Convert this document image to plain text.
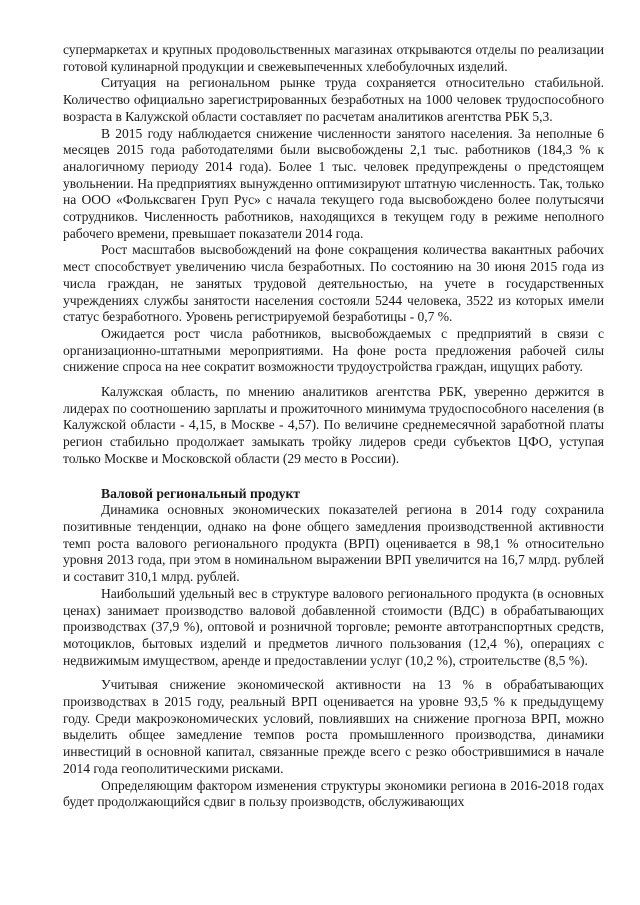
супермаркетах и крупных продовольственных магазинах открываются отделы по реализации готовой кулинарной продукции и свежевыпеченных хлебобулочных изделий.

Ситуация на региональном рынке труда сохраняется относительно стабильной. Количество официально зарегистрированных безработных на 1000 человек трудоспособного возраста в Калужской области составляет по расчетам аналитиков агентства РБК 5,3.

В 2015 году наблюдается снижение численности занятого населения. За неполные 6 месяцев 2015 года работодателями были высвобождены 2,1 тыс. работников (184,3 % к аналогичному периоду 2014 года). Более 1 тыс. человек предупреждены о предстоящем увольнении. На предприятиях вынужденно оптимизируют штатную численность. Так, только на ООО «Фольксваген Груп Рус» с начала текущего года высвобождено более полутысячи сотрудников. Численность работников, находящихся в текущем году в режиме неполного рабочего времени, превышает показатели 2014 года.

Рост масштабов высвобождений на фоне сокращения количества вакантных рабочих мест способствует увеличению числа безработных. По состоянию на 30 июня 2015 года из числа граждан, не занятых трудовой деятельностью, на учете в государственных учреждениях службы занятости населения состояли 5244 человека, 3522 из которых имели статус безработного. Уровень регистрируемой безработицы - 0,7 %.

Ожидается рост числа работников, высвобождаемых с предприятий в связи с организационно-штатными мероприятиями. На фоне роста предложения рабочей силы снижение спроса на нее сократит возможности трудоустройства граждан, ищущих работу.

Калужская область, по мнению аналитиков агентства РБК, уверенно держится в лидерах по соотношению зарплаты и прожиточного минимума трудоспособного населения (в Калужской области - 4,15, в Москве - 4,57). По величине среднемесячной заработной платы регион стабильно продолжает замыкать тройку лидеров среди субъектов ЦФО, уступая только Москве и Московской области (29 место в России).

Валовой региональный продукт

Динамика основных экономических показателей региона в 2014 году сохранила позитивные тенденции, однако на фоне общего замедления производственной активности темп роста валового регионального продукта (ВРП) оценивается в 98,1 % относительно уровня 2013 года, при этом в номинальном выражении ВРП увеличится на 16,7 млрд. рублей и составит 310,1 млрд. рублей.

Наибольший удельный вес в структуре валового регионального продукта (в основных ценах) занимает производство валовой добавленной стоимости (ВДС) в обрабатывающих производствах (37,9 %), оптовой и розничной торговле; ремонте автотранспортных средств, мотоциклов, бытовых изделий и предметов личного пользования (12,4 %), операциях с недвижимым имуществом, аренде и предоставлении услуг (10,2 %), строительстве (8,5 %).

Учитывая снижение экономической активности на 13 % в обрабатывающих производствах в 2015 году, реальный ВРП оценивается на уровне 93,5 % к предыдущему году. Среди макроэкономических условий, повлиявших на снижение прогноза ВРП, можно выделить общее замедление темпов роста промышленного производства, динамики инвестиций в основной капитал, связанные прежде всего с резко обострившимися в начале 2014 года геополитическими рисками.

Определяющим фактором изменения структуры экономики региона в 2016-2018 годах будет продолжающийся сдвиг в пользу производств, обслуживающих
